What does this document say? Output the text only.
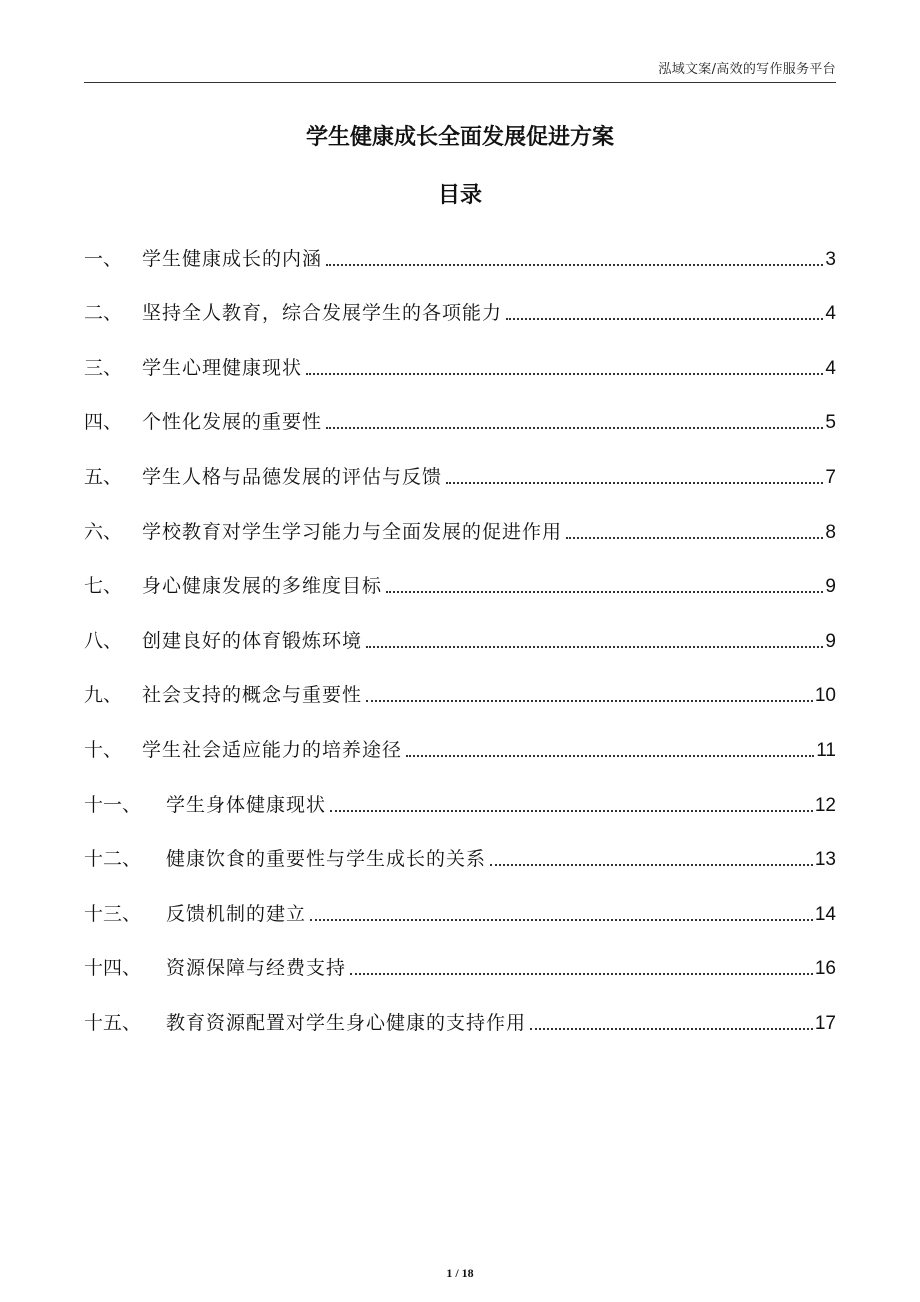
泓域文案/高效的写作服务平台
学生健康成长全面发展促进方案
目录
一、	学生健康成长的内涵	3
二、	坚持全人教育，综合发展学生的各项能力	4
三、	学生心理健康现状	4
四、	个性化发展的重要性	5
五、	学生人格与品德发展的评估与反馈	7
六、	学校教育对学生学习能力与全面发展的促进作用	8
七、	身心健康发展的多维度目标	9
八、	创建良好的体育锻炼环境	9
九、	社会支持的概念与重要性	10
十、	学生社会适应能力的培养途径	11
十一、	学生身体健康现状	12
十二、	健康饮食的重要性与学生成长的关系	13
十三、	反馈机制的建立	14
十四、	资源保障与经费支持	16
十五、	教育资源配置对学生身心健康的支持作用	17
1 / 18
